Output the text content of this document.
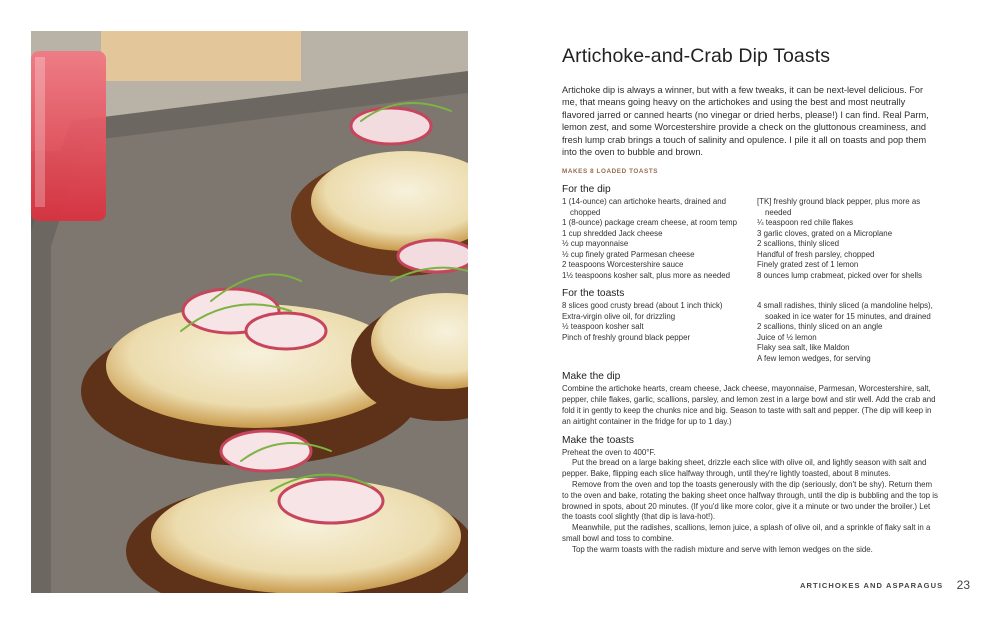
Artichoke-and-Crab Dip Toasts

Artichoke dip is always a winner, but with a few tweaks, it can be next-level delicious. For me, that means going heavy on the artichokes and using the best and most neutrally flavored jarred or canned hearts (no vinegar or dried herbs, please!) I can find. Real Parm, lemon zest, and some Worcestershire provide a check on the gluttonous creaminess, and fresh lump crab brings a touch of salinity and opulence. I pile it all on toasts and pop them into the oven to bubble and brown.

MAKES 8 LOADED TOASTS
For the dip

1 (14-ounce) can artichoke hearts, drained and chopped

1 (8-ounce) package cream cheese, at room temp

1 cup shredded Jack cheese

½ cup mayonnaise

½ cup finely grated Parmesan cheese

2 teaspoons Worcestershire sauce

1½ teaspoons kosher salt, plus more as needed

[TK] freshly ground black pepper, plus more as needed

¼ teaspoon red chile flakes

3 garlic cloves, grated on a Microplane

2 scallions, thinly sliced

Handful of fresh parsley, chopped

Finely grated zest of 1 lemon

8 ounces lump crabmeat, picked over for shells

For the toasts

8 slices good crusty bread (about 1 inch thick)

Extra-virgin olive oil, for drizzling

½ teaspoon kosher salt

Pinch of freshly ground black pepper

4 small radishes, thinly sliced (a mandoline helps), soaked in ice water for 15 minutes, and drained

2 scallions, thinly sliced on an angle

Juice of ½ lemon

Flaky sea salt, like Maldon

A few lemon wedges, for serving

Make the dip

Combine the artichoke hearts, cream cheese, Jack cheese, mayonnaise, Parmesan, Worcestershire, salt, pepper, chile flakes, garlic, scallions, parsley, and lemon zest in a large bowl and stir well. Add the crab and fold it in gently to keep the chunks nice and big. Season to taste with salt and pepper. (The dip will keep in an airtight container in the fridge for up to 1 day.)

Make the toasts

Preheat the oven to 400°F.

Put the bread on a large baking sheet, drizzle each slice with olive oil, and lightly season with salt and pepper. Bake, flipping each slice halfway through, until they're lightly toasted, about 8 minutes.

Remove from the oven and top the toasts generously with the dip (seriously, don't be shy). Return them to the oven and bake, rotating the baking sheet once halfway through, until the dip is bubbling and the top is browned in spots, about 20 minutes. (If you'd like more color, give it a minute or two under the broiler.) Let the toasts cool slightly (that dip is lava-hot!).

Meanwhile, put the radishes, scallions, lemon juice, a splash of olive oil, and a sprinkle of flaky salt in a small bowl and toss to combine.

Top the warm toasts with the radish mixture and serve with lemon wedges on the side.

ARTICHOKES AND ASPARAGUS 23
